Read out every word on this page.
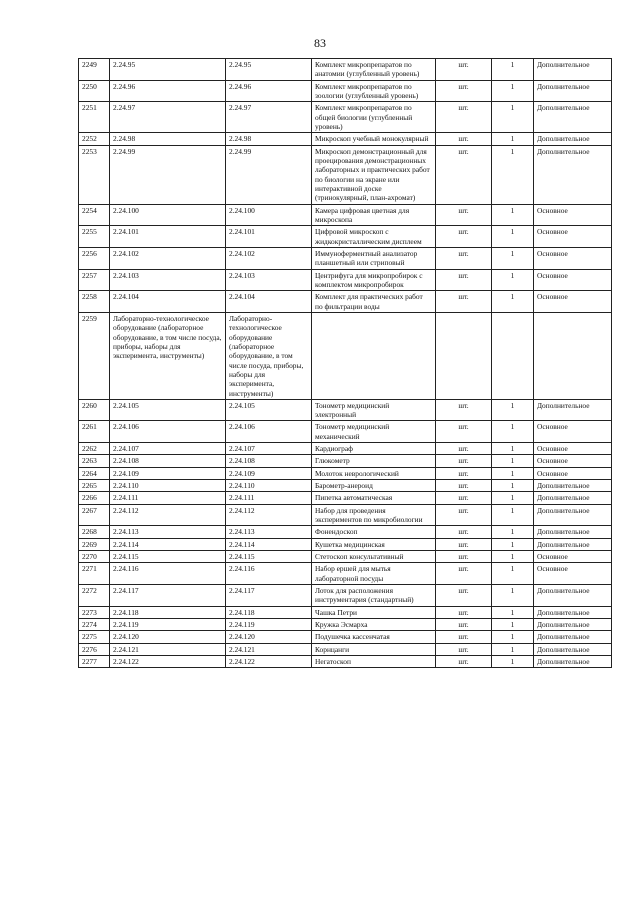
83
2249	2.24.95	2.24.95	Комплект микропрепаратов по анатомии (углубленный уровень)	шт.	1	Дополнительное
2250	2.24.96	2.24.96	Комплект микропрепаратов по зоологии (углубленный уровень)	шт.	1	Дополнительное
2251	2.24.97	2.24.97	Комплект микропрепаратов по общей биологии (углубленный уровень)	шт.	1	Дополнительное
2252	2.24.98	2.24.98	Микроскоп учебный монокулярный	шт.	1	Дополнительное
2253	2.24.99	2.24.99	Микроскоп демонстрационный для проецирования демонстрационных лабораторных и практических работ по биологии на экране или интерактивной доске (тринокулярный, план-ахромат)	шт.	1	Дополнительное
2254	2.24.100	2.24.100	Камера цифровая цветная для микроскопа	шт.	1	Основное
2255	2.24.101	2.24.101	Цифровой микроскоп с жидкокристаллическим дисплеем	шт.	1	Основное
2256	2.24.102	2.24.102	Иммуноферментный анализатор планшетный или стриповый	шт.	1	Основное
2257	2.24.103	2.24.103	Центрифуга для микропробирок с комплектом микропробирок	шт.	1	Основное
2258	2.24.104	2.24.104	Комплект для практических работ по фильтрации воды	шт.	1	Основное
2259	Лабораторно-технологическое оборудование (лабораторное оборудование, в том числе посуда, приборы, наборы для эксперимента, инструменты)	Лабораторно-технологическое оборудование (лабораторное оборудование, в том числе посуда, приборы, наборы для эксперимента, инструменты)				
2260	2.24.105	2.24.105	Тонометр медицинский электронный	шт.	1	Дополнительное
2261	2.24.106	2.24.106	Тонометр медицинский механический	шт.	1	Основное
2262	2.24.107	2.24.107	Кардиограф	шт.	1	Основное
2263	2.24.108	2.24.108	Глюкометр	шт.	1	Основное
2264	2.24.109	2.24.109	Молоток неврологический	шт.	1	Основное
2265	2.24.110	2.24.110	Барометр-анероид	шт.	1	Дополнительное
2266	2.24.111	2.24.111	Пипетка автоматическая	шт.	1	Дополнительное
2267	2.24.112	2.24.112	Набор для проведения экспериментов по микробиологии	шт.	1	Дополнительное
2268	2.24.113	2.24.113	Фонендоскоп	шт.	1	Дополнительное
2269	2.24.114	2.24.114	Кушетка медицинская	шт.	1	Дополнительное
2270	2.24.115	2.24.115	Стетоскоп консультативный	шт.	1	Основное
2271	2.24.116	2.24.116	Набор ершей для мытья лабораторной посуды	шт.	1	Основное
2272	2.24.117	2.24.117	Лоток для расположения инструментария (стандартный)	шт.	1	Дополнительное
2273	2.24.118	2.24.118	Чашка Петри	шт.	1	Дополнительное
2274	2.24.119	2.24.119	Кружка Эсмарха	шт.	1	Дополнительное
2275	2.24.120	2.24.120	Подушечка кассенчатая	шт.	1	Дополнительное
2276	2.24.121	2.24.121	Корнцанги	шт.	1	Дополнительное
2277	2.24.122	2.24.122	Негатоскоп	шт.	1	Дополнительное
